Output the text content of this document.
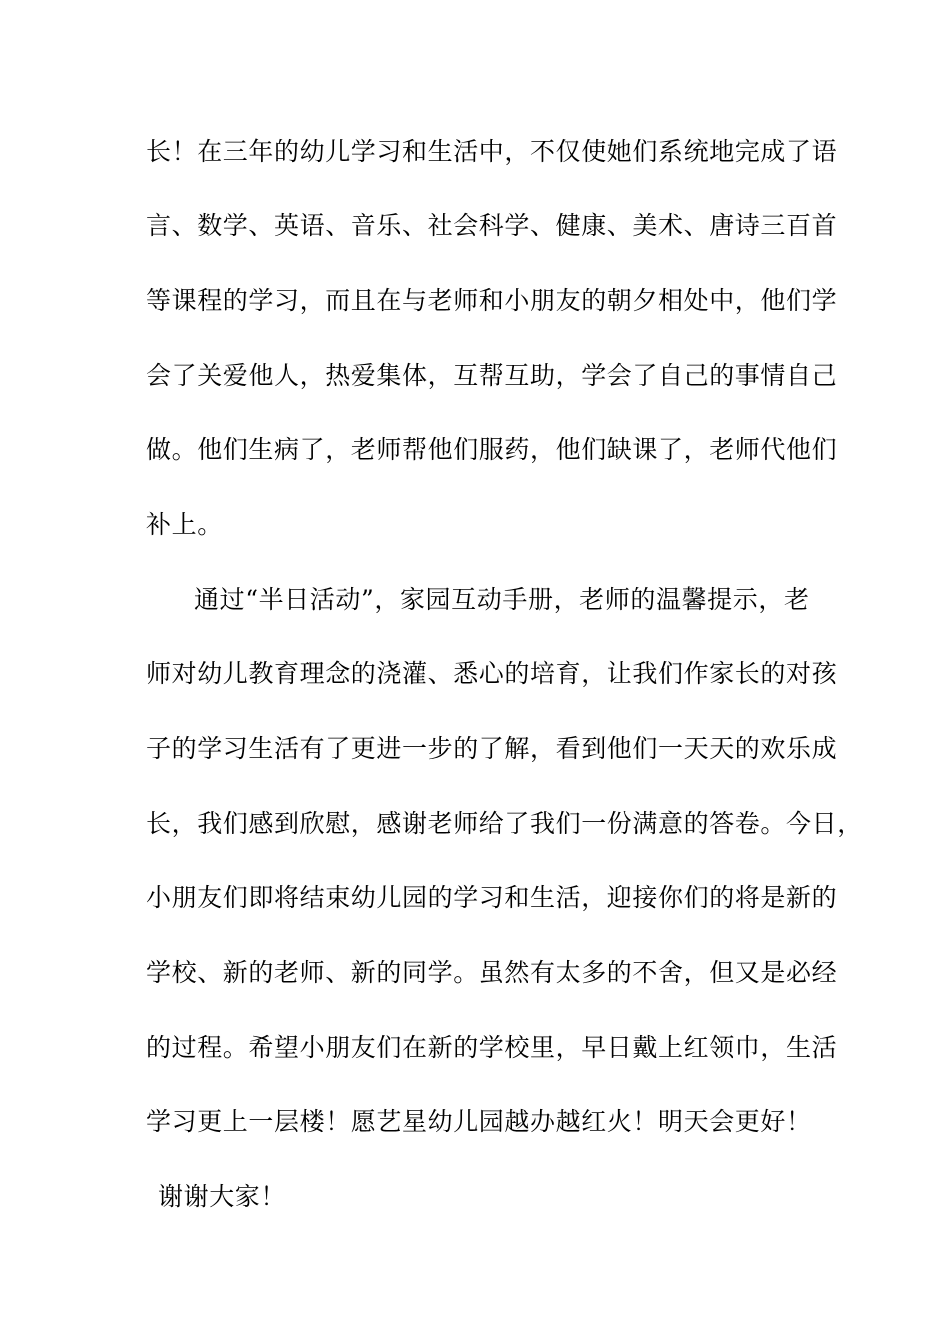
长！在三年的幼儿学习和生活中，不仅使她们系统地完成了语
言、数学、英语、音乐、社会科学、健康、美术、唐诗三百首
等课程的学习，而且在与老师和小朋友的朝夕相处中，他们学
会了关爱他人，热爱集体，互帮互助，学会了自己的事情自己
做。他们生病了，老师帮他们服药，他们缺课了，老师代他们
补上。
通过“半日活动”，家园互动手册，老师的温馨提示，老
师对幼儿教育理念的浇灌、悉心的培育，让我们作家长的对孩
子的学习生活有了更进一步的了解，看到他们一天天的欢乐成
长，我们感到欣慰，感谢老师给了我们一份满意的答卷。今日，
小朋友们即将结束幼儿园的学习和生活，迎接你们的将是新的
学校、新的老师、新的同学。虽然有太多的不舍，但又是必经
的过程。希望小朋友们在新的学校里，早日戴上红领巾，生活
学习更上一层楼！愿艺星幼儿园越办越红火！明天会更好！
谢谢大家！
